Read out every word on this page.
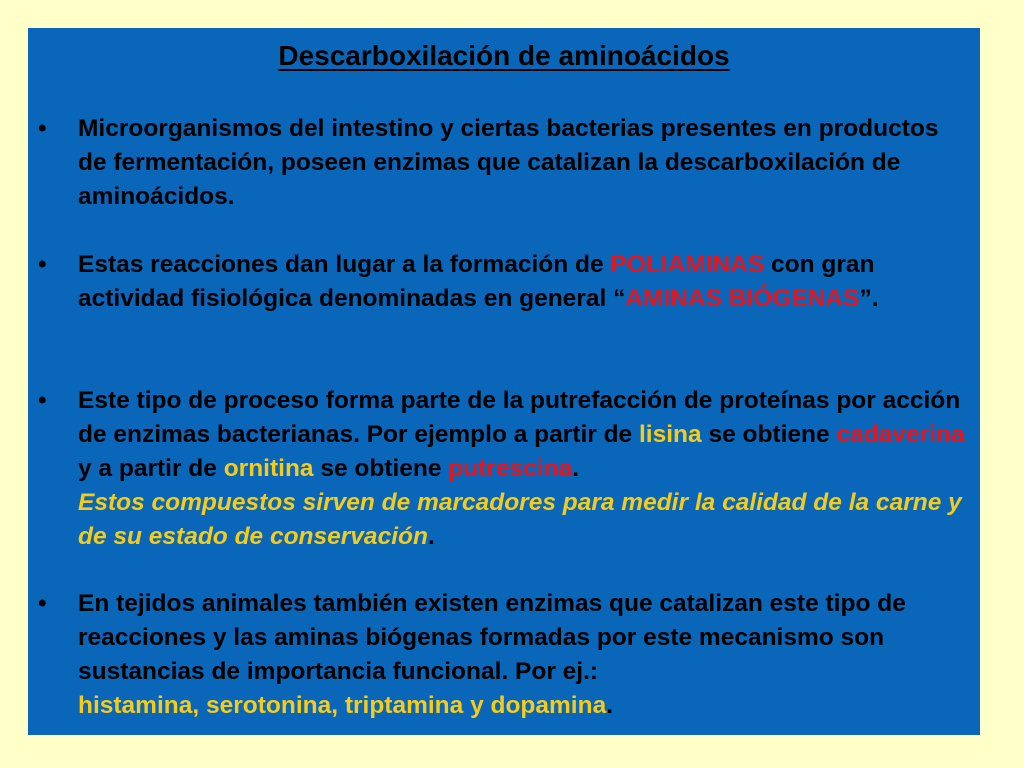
Descarboxilación de aminoácidos
•	Microorganismos del intestino y ciertas bacterias presentes en productos de fermentación, poseen enzimas que catalizan la descarboxilación de aminoácidos.
•	Estas reacciones dan lugar a la formación de POLIAMINAS con gran actividad fisiológica denominadas en general “AMINAS BIÓGENAS”.
•	Este tipo de proceso forma parte de la putrefacción de proteínas por acción de enzimas bacterianas. Por ejemplo a partir de lisina se obtiene cadaverina y a partir de ornitina se obtiene putrescina.
Estos compuestos sirven de marcadores para medir la calidad de la carne y de su estado de conservación.
•	En tejidos animales también existen enzimas que catalizan este tipo de reacciones y las aminas biógenas formadas por este mecanismo son sustancias de importancia funcional. Por ej.:
histamina, serotonina, triptamina y dopamina.
